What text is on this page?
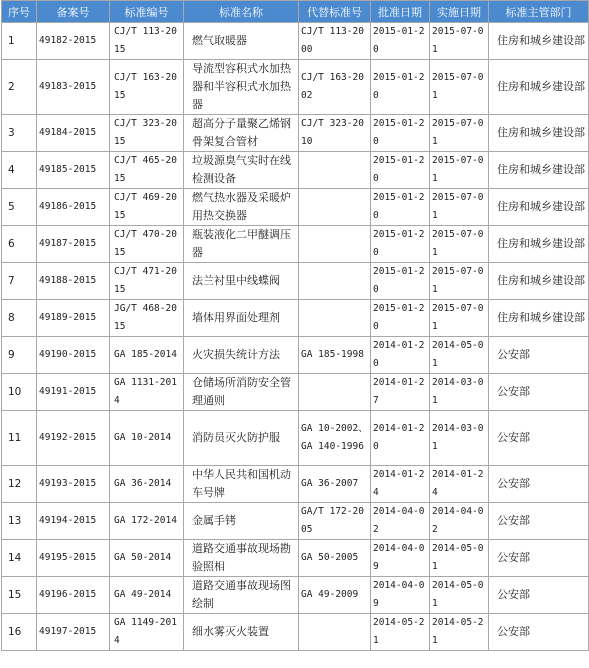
序号	备案号	标准编号	标准名称	代替标准号	批准日期	实施日期	标准主管部门
1	49182-2015	CJ/T 113-2015	燃气取暖器	CJ/T 113-2000	2015-01-20	2015-07-01	住房和城乡建设部
2	49183-2015	CJ/T 163-2015	导流型容积式水加热器和半容积式水加热器	CJ/T 163-2002	2015-01-20	2015-07-01	住房和城乡建设部
3	49184-2015	CJ/T 323-2015	超高分子量聚乙烯钢骨架复合管材	CJ/T 323-2010	2015-01-20	2015-07-01	住房和城乡建设部
4	49185-2015	CJ/T 465-2015	垃圾源臭气实时在线检测设备		2015-01-20	2015-07-01	住房和城乡建设部
5	49186-2015	CJ/T 469-2015	燃气热水器及采暖炉用热交换器		2015-01-20	2015-07-01	住房和城乡建设部
6	49187-2015	CJ/T 470-2015	瓶装液化二甲醚调压器		2015-01-20	2015-07-01	住房和城乡建设部
7	49188-2015	CJ/T 471-2015	法兰衬里中线蝶阀		2015-01-20	2015-07-01	住房和城乡建设部
8	49189-2015	JG/T 468-2015	墙体用界面处理剂		2015-01-20	2015-07-01	住房和城乡建设部
9	49190-2015	GA 185-2014	火灾损失统计方法	GA 185-1998	2014-01-20	2014-05-01	公安部
10	49191-2015	GA 1131-2014	仓储场所消防安全管理通则		2014-01-27	2014-03-01	公安部
11	49192-2015	GA 10-2014	消防员灭火防护服	GA 10-2002、 GA 140-1996	2014-01-20	2014-03-01	公安部
12	49193-2015	GA 36-2014	中华人民共和国机动车号牌	GA 36-2007	2014-01-24	2014-01-24	公安部
13	49194-2015	GA 172-2014	金属手铐	GA/T 172-2005	2014-04-02	2014-04-02	公安部
14	49195-2015	GA 50-2014	道路交通事故现场勘验照相	GA 50-2005	2014-04-09	2014-05-01	公安部
15	49196-2015	GA 49-2014	道路交通事故现场图绘制	GA 49-2009	2014-04-09	2014-05-01	公安部
16	49197-2015	GA 1149-2014	细水雾灭火装置		2014-05-21	2014-05-21	公安部
